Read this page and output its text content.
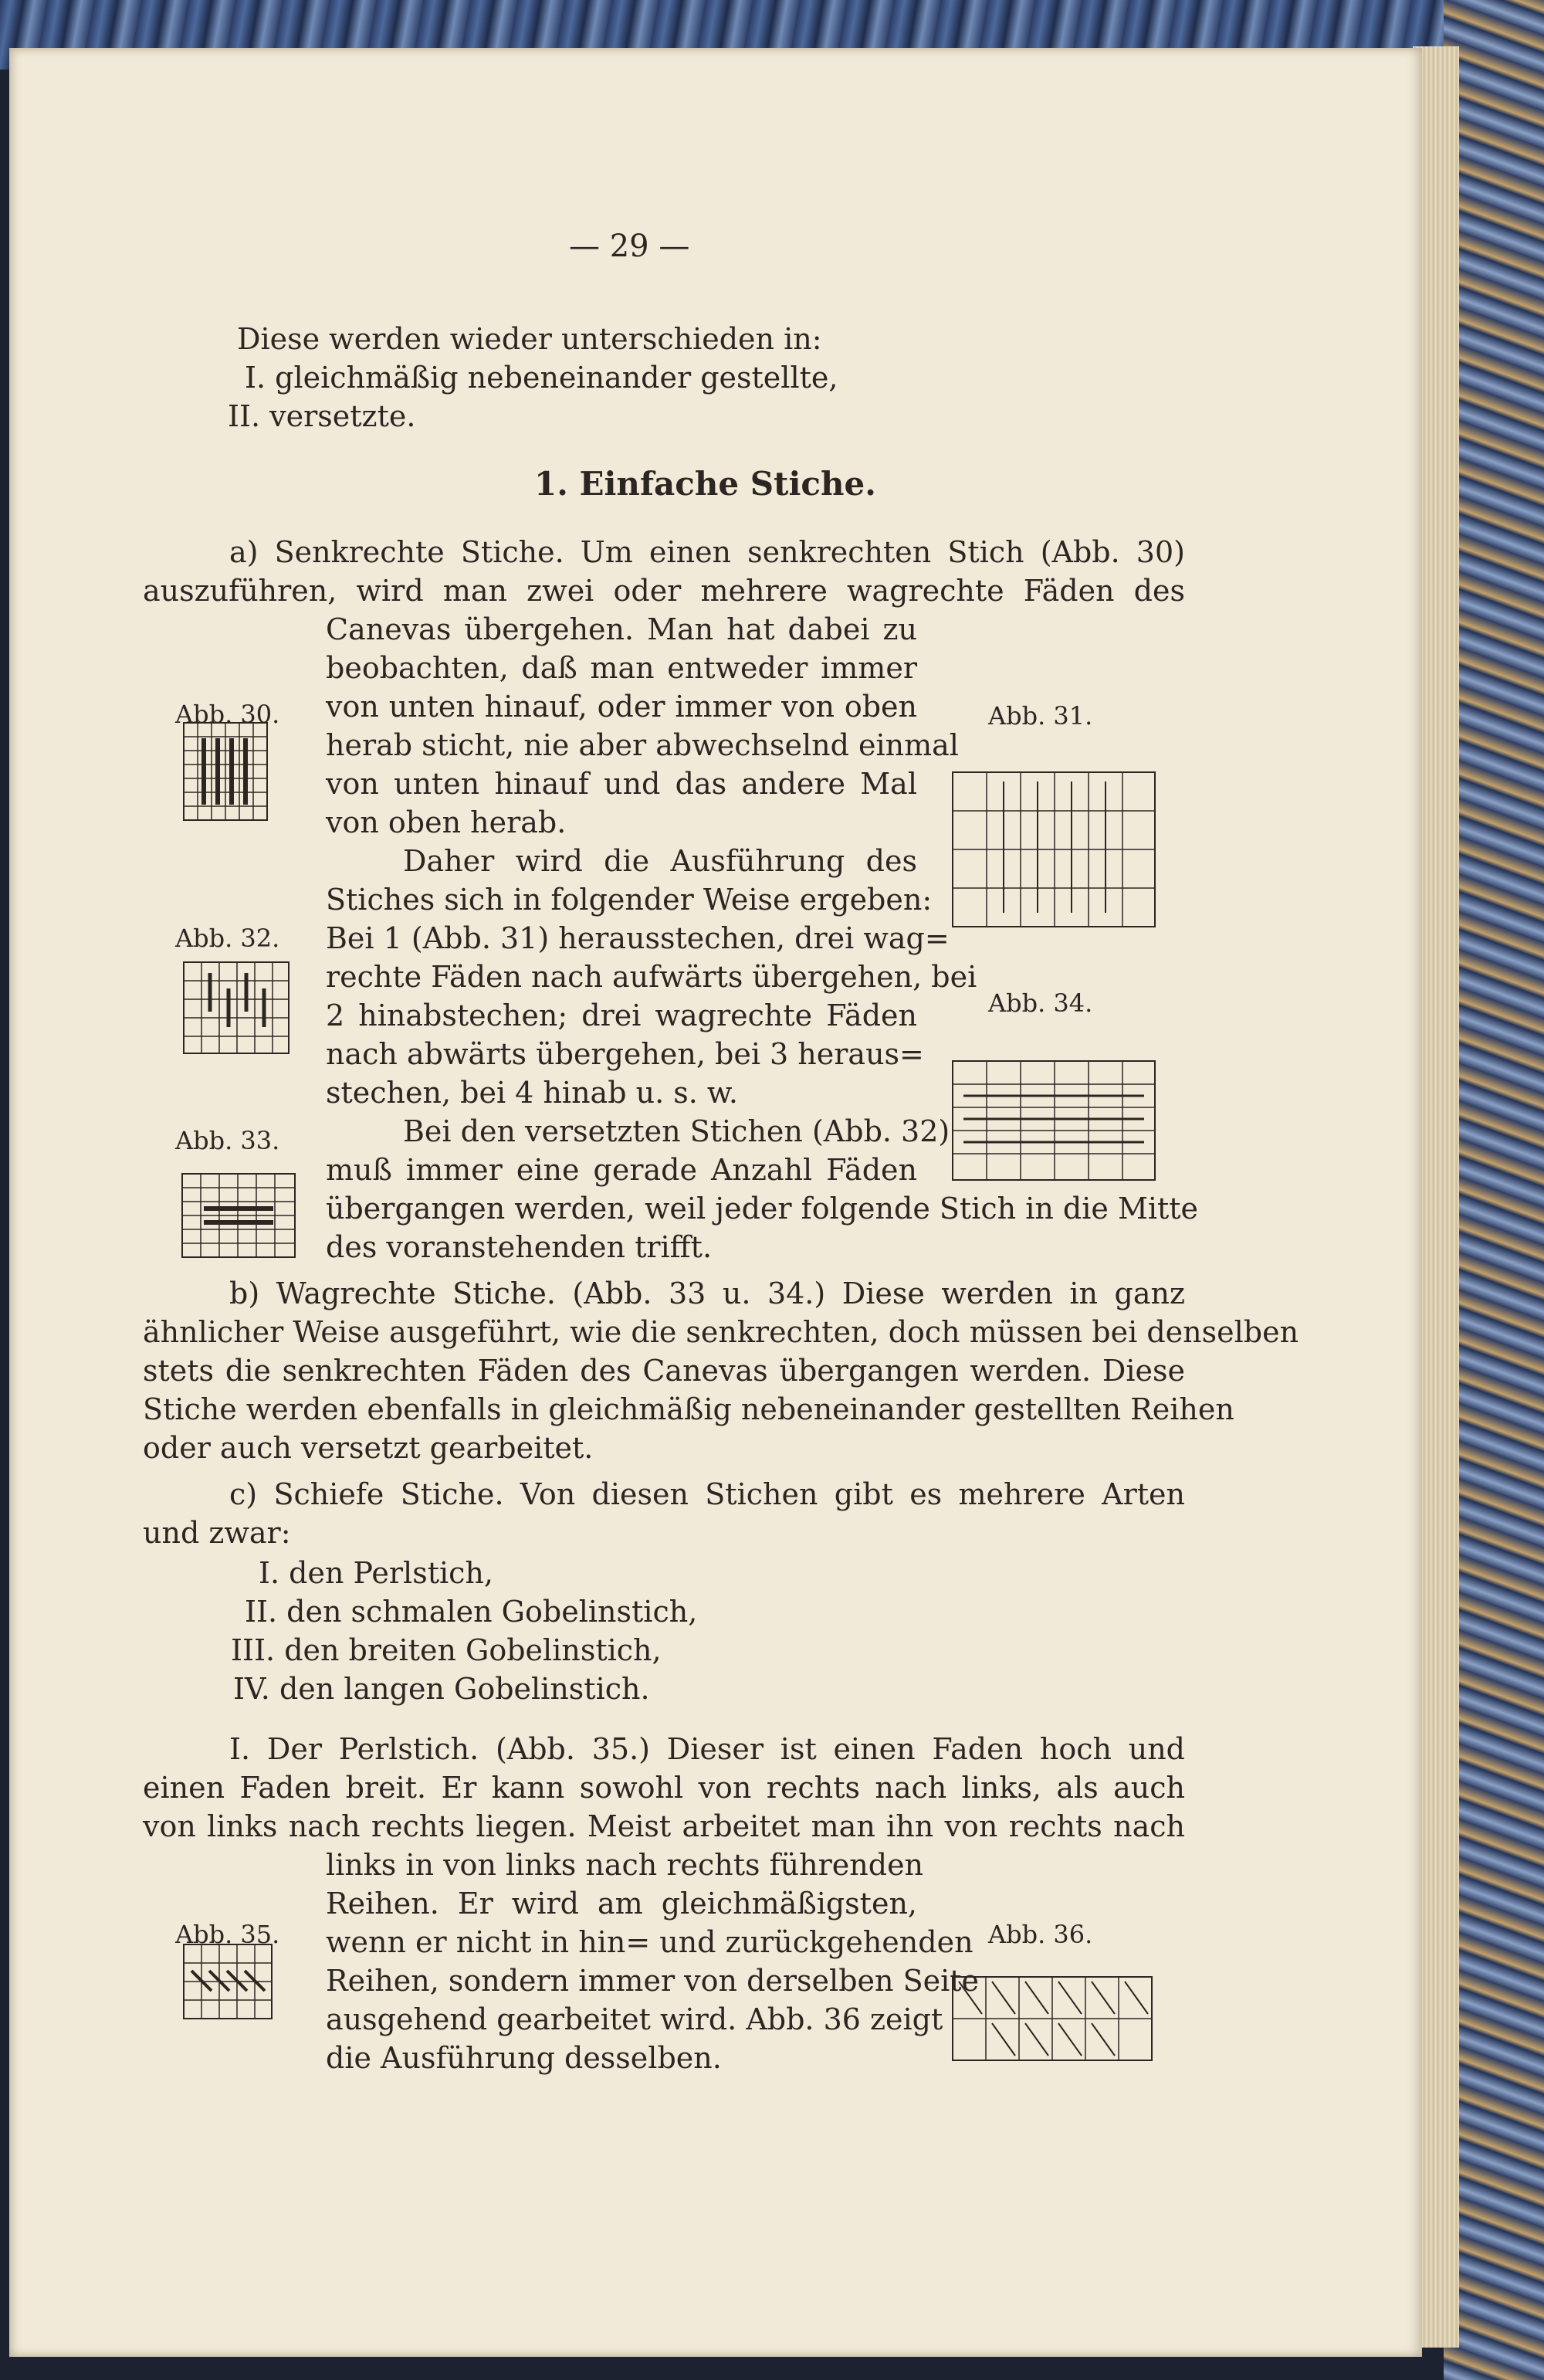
— 29 —
Diese werden wieder unterschieden in:
I. gleichmäßig nebeneinander gestellte,
II. versetzte.
1. Einfache Stiche.
a) Senkrechte Stiche. Um einen senkrechten Stich (Abb. 30)
auszuführen, wird man zwei oder mehrere wagrechte Fäden des
Canevas übergehen. Man hat dabei zu
beobachten, daß man entweder immer
von unten hinauf, oder immer von oben
herab sticht, nie aber abwechselnd einmal
von unten hinauf und das andere Mal
von oben herab.
Daher wird die Ausführung des
Stiches sich in folgender Weise ergeben:
Bei 1 (Abb. 31) herausstechen, drei wag=
rechte Fäden nach aufwärts übergehen, bei
2 hinabstechen; drei wagrechte Fäden
nach abwärts übergehen, bei 3 heraus=
stechen, bei 4 hinab u. s. w.
Bei den versetzten Stichen (Abb. 32)
muß immer eine gerade Anzahl Fäden
übergangen werden, weil jeder folgende Stich in die Mitte
des voranstehenden trifft.
b) Wagrechte Stiche. (Abb. 33 u. 34.) Diese werden in ganz
ähnlicher Weise ausgeführt, wie die senkrechten, doch müssen bei denselben
stets die senkrechten Fäden des Canevas übergangen werden. Diese
Stiche werden ebenfalls in gleichmäßig nebeneinander gestellten Reihen
oder auch versetzt gearbeitet.
c) Schiefe Stiche. Von diesen Stichen gibt es mehrere Arten
und zwar:
I. den Perlstich,
II. den schmalen Gobelinstich,
III. den breiten Gobelinstich,
IV. den langen Gobelinstich.
I. Der Perlstich. (Abb. 35.) Dieser ist einen Faden hoch und
einen Faden breit. Er kann sowohl von rechts nach links, als auch
von links nach rechts liegen. Meist arbeitet man ihn von rechts nach
links in von links nach rechts führenden
Reihen. Er wird am gleichmäßigsten,
wenn er nicht in hin= und zurückgehenden
Reihen, sondern immer von derselben Seite
ausgehend gearbeitet wird. Abb. 36 zeigt
die Ausführung desselben.
Abb. 30.	Abb. 31.
Abb. 32.
Abb. 34.
Abb. 33.
Abb. 35.	Abb. 36.
